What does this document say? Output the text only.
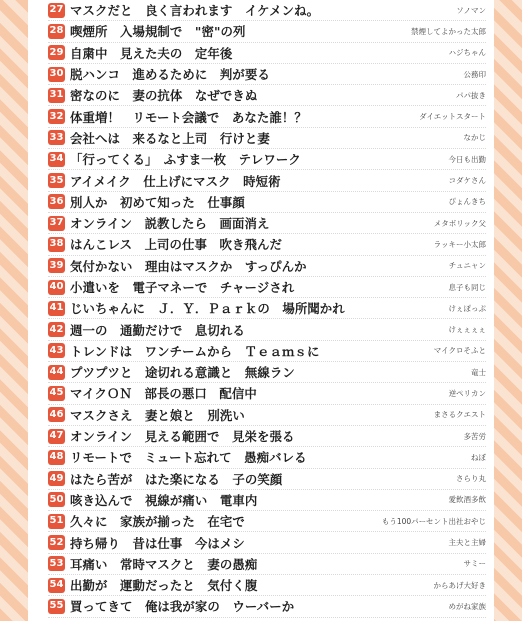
27 マスクだと　良く言われます　イケメンね。	ソノマン
28 喫煙所　入場規制で　"密"の列	禁煙してよかった太郎
29 自粛中　見えた夫の　定年後	ハジちゃん
30 脱ハンコ　進めるために　判が要る	公務印
31 密なのに　妻の抗体　なぜできぬ	パパ抜き
32 体重増！　リモート会議で　あなた誰！？	ダイエットスタート
33 会社へは　来るなと上司　行けと妻	なかじ
34 「行ってくる」　ふすま一枚　テレワーク	今日も出勤
35 アイメイク　仕上げにマスク　時短術	コダケさん
36 別人か　初めて知った　仕事顔	ぴょんきち
37 オンライン　説教したら　画面消え	メタボリック父
38 はんこレス　上司の仕事　吹き飛んだ	ラッキー小太郎
39 気付かない　理由はマスクか　すっぴんか	チュニャン
40 小遣いを　電子マネーで　チャージされ	息子も同じ
41 じいちゃんに　Ｊ．Ｙ．Ｐａｒｋの　場所聞かれ	けぇぽっぷ
42 週一の　通勤だけで　息切れる	けぇぇぇぇ
43 トレンドは　ワンチームから　Ｔｅａｍｓに	マイクロそふと
44 プツプツと　途切れる意識と　無線ラン	竜士
45 マイクＯＮ　部長の悪口　配信中	逆ペリカン
46 マスクさえ　妻と娘と　別洗い	まさるクエスト
47 オンライン　見える範囲で　見栄を張る	多苦労
48 リモートで　ミュート忘れて　愚痴バレる	ねぼ
49 はたら苦が　はた楽になる　子の笑顔	さらり丸
50 咳き込んで　視線が痛い　電車内	愛飲酒多飲
51 久々に　家族が揃った　在宅で	もう100パーセント出社おやじ
52 持ち帰り　昔は仕事　今はメシ	主夫と主婦
53 耳痛い　常時マスクと　妻の愚痴	サミー
54 出勤が　運動だったと　気付く腹	からあげ大好き
55 買ってきて　俺は我が家の　ウーバーか	めがね家族
